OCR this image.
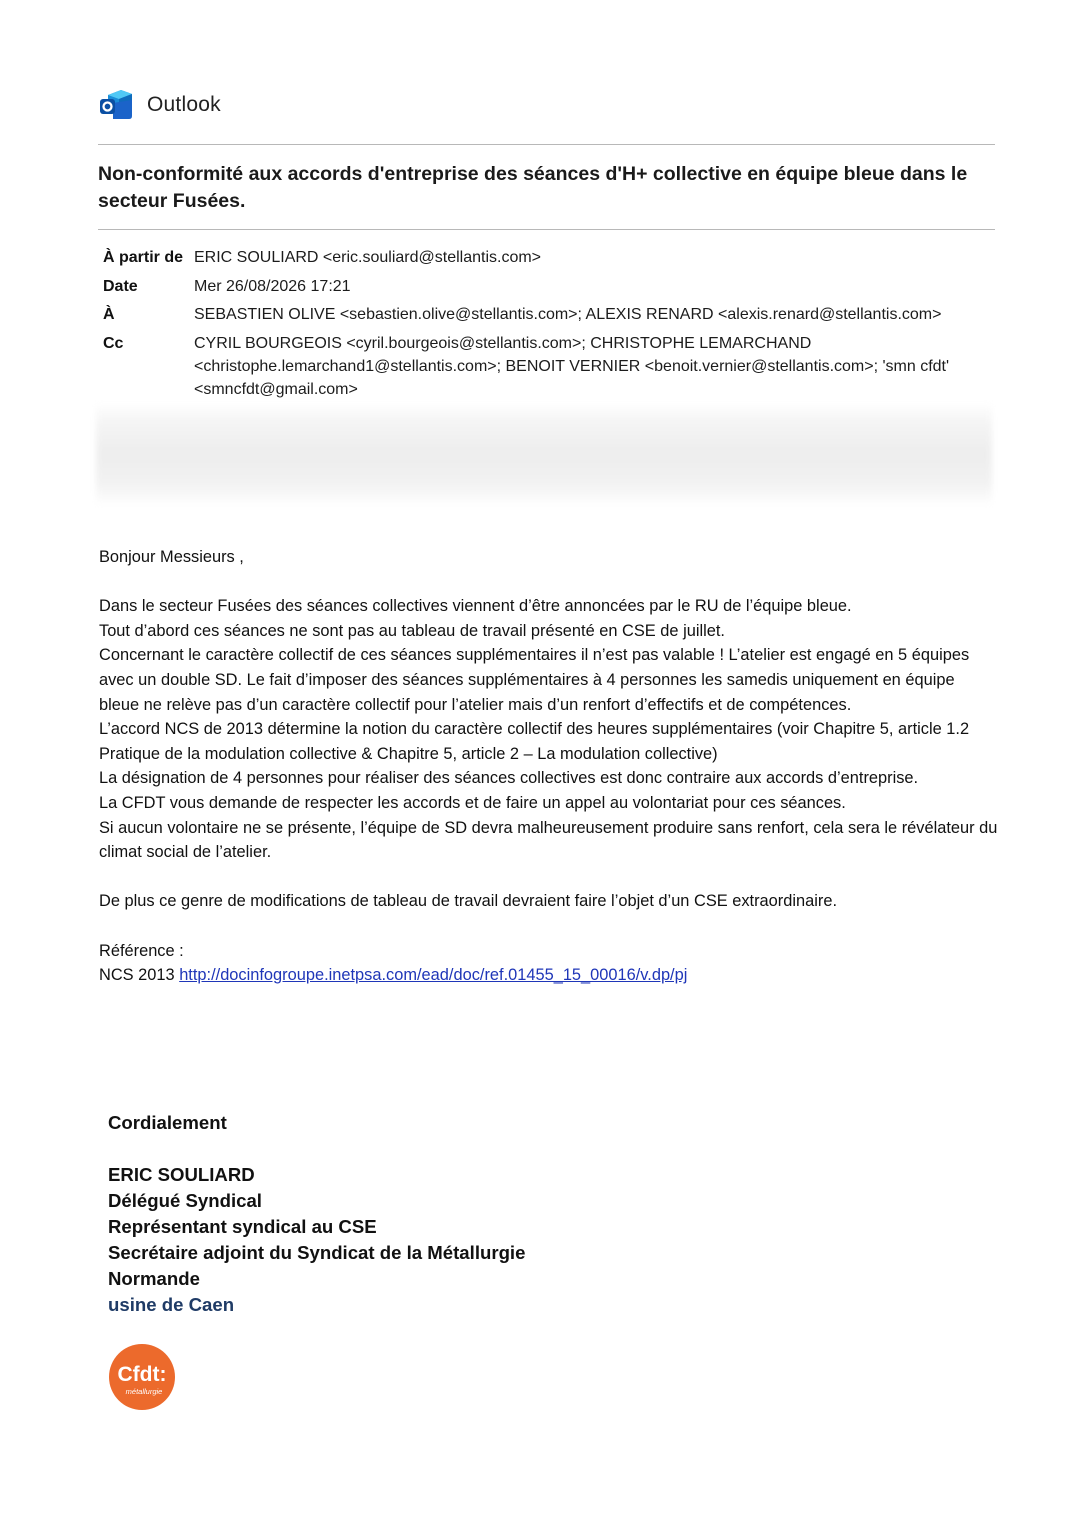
Outlook
Non-conformité aux accords d'entreprise des séances d'H+ collective en équipe bleue dans le secteur Fusées.
À partir de ERIC SOULIARD <eric.souliard@stellantis.com>
Date	Mer 26/08/2026 17:21
À	SEBASTIEN OLIVE <sebastien.olive@stellantis.com>; ALEXIS RENARD <alexis.renard@stellantis.com>
Cc	CYRIL BOURGEOIS <cyril.bourgeois@stellantis.com>; CHRISTOPHE LEMARCHAND <christophe.lemarchand1@stellantis.com>; BENOIT VERNIER <benoit.vernier@stellantis.com>; 'smn cfdt' <smncfdt@gmail.com>

Bonjour Messieurs ,

Dans le secteur Fusées des séances collectives viennent d’être annoncées par le RU de l’équipe bleue.

Tout d’abord ces séances ne sont pas au tableau de travail présenté en CSE de juillet.

Concernant le caractère collectif de ces séances supplémentaires il n’est pas valable ! L’atelier est engagé en 5 équipes avec un double SD. Le fait d’imposer des séances supplémentaires à 4 personnes les samedis uniquement en équipe bleue ne relève pas d’un caractère collectif pour l’atelier mais d’un renfort d’effectifs et de compétences.

L’accord NCS de 2013 détermine la notion du caractère collectif des heures supplémentaires (voir Chapitre 5, article 1.2 Pratique de la modulation collective & Chapitre 5, article 2 – La modulation collective)

La désignation de 4 personnes pour réaliser des séances collectives est donc contraire aux accords d’entreprise.

La CFDT vous demande de respecter les accords et de faire un appel au volontariat pour ces séances.

Si aucun volontaire ne se présente, l’équipe de SD devra malheureusement produire sans renfort, cela sera le révélateur du climat social de l’atelier.

De plus ce genre de modifications de tableau de travail devraient faire l’objet d’un CSE extraordinaire.

Référence :

NCS 2013 http://docinfogroupe.inetpsa.com/ead/doc/ref.01455_15_00016/v.dp/pj

Cordialement

ERIC SOULIARD

Délégué Syndical

Représentant syndical au CSE

Secrétaire adjoint du Syndicat de la Métallurgie Normande

usine de Caen

Cfdt:
métallurgie
